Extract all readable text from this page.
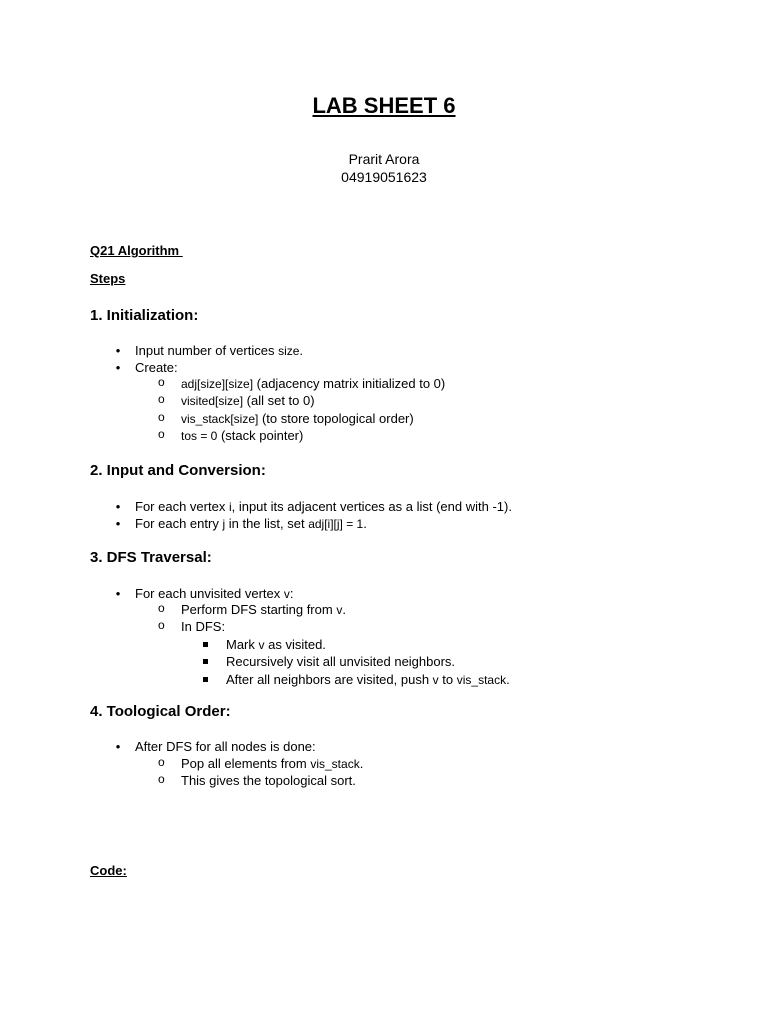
LAB SHEET 6
Prarit Arora
04919051623
Q21 Algorithm
Steps
1. Initialization:
• Input number of vertices size.
• Create:
o adj[size][size] (adjacency matrix initialized to 0)
o visited[size] (all set to 0)
o vis_stack[size] (to store topological order)
o tos = 0 (stack pointer)
2. Input and Conversion:
• For each vertex i, input its adjacent vertices as a list (end with -1).
• For each entry j in the list, set adj[i][j] = 1.
3. DFS Traversal:
• For each unvisited vertex v:
o Perform DFS starting from v.
o In DFS:
Mark v as visited.
Recursively visit all unvisited neighbors.
After all neighbors are visited, push v to vis_stack.
4. Toological Order:
• After DFS for all nodes is done:
o Pop all elements from vis_stack.
o This gives the topological sort.
Code:
